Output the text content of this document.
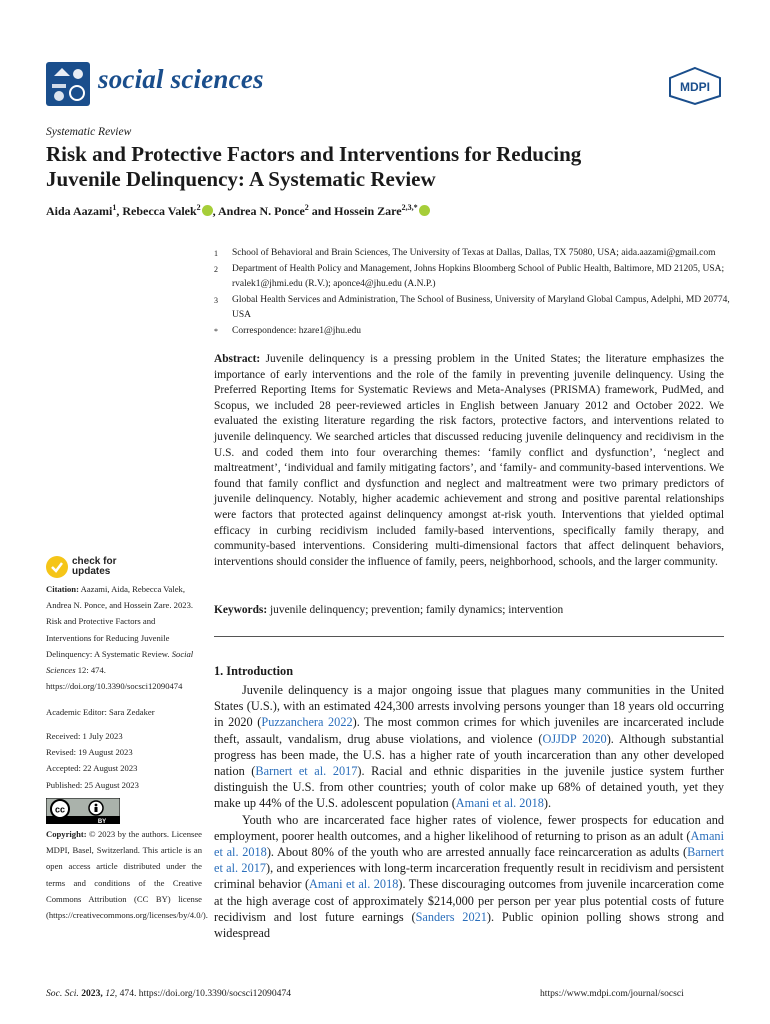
social sciences	MDPI
Systematic Review
Risk and Protective Factors and Interventions for Reducing
Juvenile Delinquency: A Systematic Review
Aida Aazami$^1$, Rebecca Valek$^2$ , Andrea N. Ponce$^2$ and Hossein Zare$^{2,3,*}$
1	School of Behavioral and Brain Sciences, The University of Texas at Dallas, Dallas, TX 75080, USA; aida.aazami@gmail.com
2	Department of Health Policy and Management, Johns Hopkins Bloomberg School of Public Health, Baltimore, MD 21205, USA; rvalek1@jhmi.edu (R.V.); aponce4@jhu.edu (A.N.P.)
3	Global Health Services and Administration, The School of Business, University of Maryland Global Campus, Adelphi, MD 20774, USA
*	Correspondence: hzare1@jhu.edu
Abstract: Juvenile delinquency is a pressing problem in the United States; the literature emphasizes the importance of early interventions and the role of the family in preventing juvenile delinquency. Using the Preferred Reporting Items for Systematic Reviews and Meta-Analyses (PRISMA) framework, PudMed, and Scopus, we included 28 peer-reviewed articles in English between January 2012 and October 2022. We evaluated the existing literature regarding the risk factors, protective factors, and interventions related to juvenile delinquency. We searched articles that discussed reducing juvenile delinquency and recidivism in the U.S. and coded them into four overarching themes: ‘family conflict and dysfunction’, ‘neglect and maltreatment’, ‘individual and family mitigating factors’, and ‘family- and community-based interventions. We found that family conflict and dysfunction and neglect and maltreatment were two primary predictors of juvenile delinquency. Notably, higher academic achievement and strong and positive parental relationships were factors that protected against delinquency amongst at-risk youth. Interventions that yielded optimal efficacy in curbing recidivism included family-based interventions, specifically family therapy, and community-based interventions. Considering multi-dimensional factors that affect delinquent behaviors, interventions should consider the influence of family, peers, neighborhood, schools, and the larger community.
Keywords: juvenile delinquency; prevention; family dynamics; intervention
check for
updates
Citation: Aazami, Aida, Rebecca Valek, Andrea N. Ponce, and Hossein Zare. 2023. Risk and Protective Factors and Interventions for Reducing Juvenile Delinquency: A Systematic Review. Social Sciences 12: 474. https://doi.org/10.3390/socsci12090474
Academic Editor: Sara Zedaker
Received: 1 July 2023
Revised: 19 August 2023
Accepted: 22 August 2023
Published: 25 August 2023
cc
BY
Copyright: © 2023 by the authors. Licensee MDPI, Basel, Switzerland. This article is an open access article distributed under the terms and conditions of the Creative Commons Attribution (CC BY) license (https://creativecommons.org/licenses/by/4.0/).
1. Introduction

Juvenile delinquency is a major ongoing issue that plagues many communities in the United States (U.S.), with an estimated 424,300 arrests involving persons younger than 18 years old occurring in 2020 (Puzzanchera 2022). The most common crimes for which juveniles are incarcerated include theft, assault, vandalism, drug abuse violations, and violence (OJJDP 2020). Although substantial progress has been made, the U.S. has a higher rate of youth incarceration than any other developed nation (Barnert et al. 2017). Racial and ethnic disparities in the juvenile justice system further distinguish the U.S. from other countries; youth of color make up 68% of detained youth, yet they make up 44% of the U.S. adolescent population (Amani et al. 2018).

Youth who are incarcerated face higher rates of violence, fewer prospects for education and employment, poorer health outcomes, and a higher likelihood of returning to prison as an adult (Amani et al. 2018). About 80% of the youth who are arrested annually face reincarceration as adults (Barnert et al. 2017), and experiences with long-term incarceration frequently result in recidivism and persistent criminal behavior (Amani et al. 2018). These discouraging outcomes from juvenile incarceration come at the high average cost of approximately $214,000 per person per year plus potential costs of future recidivism and lost future earnings (Sanders 2021). Public opinion polling shows strong and widespread

Soc. Sci. 2023, 12, 474. https://doi.org/10.3390/socsci12090474	https://www.mdpi.com/journal/socsci
